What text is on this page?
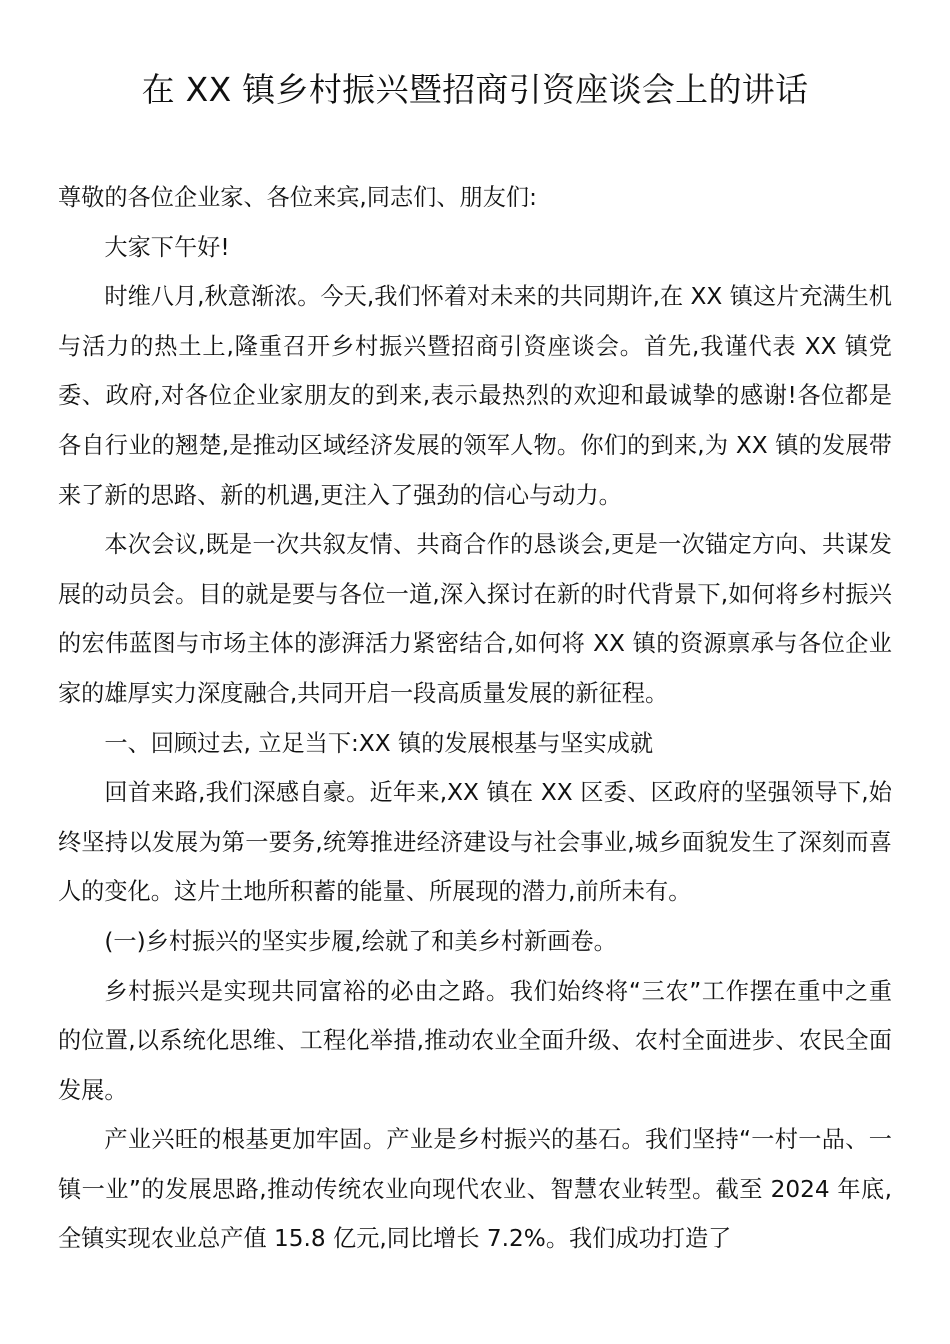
在 XX 镇乡村振兴暨招商引资座谈会上的讲话

尊敬的各位企业家、各位来宾,同志们、朋友们:

大家下午好!

时维八月,秋意渐浓。今天,我们怀着对未来的共同期许,在 XX 镇这片充满生机与活力的热土上,隆重召开乡村振兴暨招商引资座谈会。首先,我谨代表 XX 镇党委、政府,对各位企业家朋友的到来,表示最热烈的欢迎和最诚挚的感谢!各位都是各自行业的翘楚,是推动区域经济发展的领军人物。你们的到来,为 XX 镇的发展带来了新的思路、新的机遇,更注入了强劲的信心与动力。

本次会议,既是一次共叙友情、共商合作的恳谈会,更是一次锚定方向、共谋发展的动员会。目的就是要与各位一道,深入探讨在新的时代背景下,如何将乡村振兴的宏伟蓝图与市场主体的澎湃活力紧密结合,如何将 XX 镇的资源禀承与各位企业家的雄厚实力深度融合,共同开启一段高质量发展的新征程。

一、回顾过去, 立足当下:XX 镇的发展根基与坚实成就

回首来路,我们深感自豪。近年来,XX 镇在 XX 区委、区政府的坚强领导下,始终坚持以发展为第一要务,统筹推进经济建设与社会事业,城乡面貌发生了深刻而喜人的变化。这片土地所积蓄的能量、所展现的潜力,前所未有。

(一)乡村振兴的坚实步履,绘就了和美乡村新画卷。

乡村振兴是实现共同富裕的必由之路。我们始终将“三农”工作摆在重中之重的位置,以系统化思维、工程化举措,推动农业全面升级、农村全面进步、农民全面发展。

产业兴旺的根基更加牢固。产业是乡村振兴的基石。我们坚持“一村一品、一镇一业”的发展思路,推动传统农业向现代农业、智慧农业转型。截至 2024 年底,全镇实现农业总产值 15.8 亿元,同比增长 7.2%。我们成功打造了
